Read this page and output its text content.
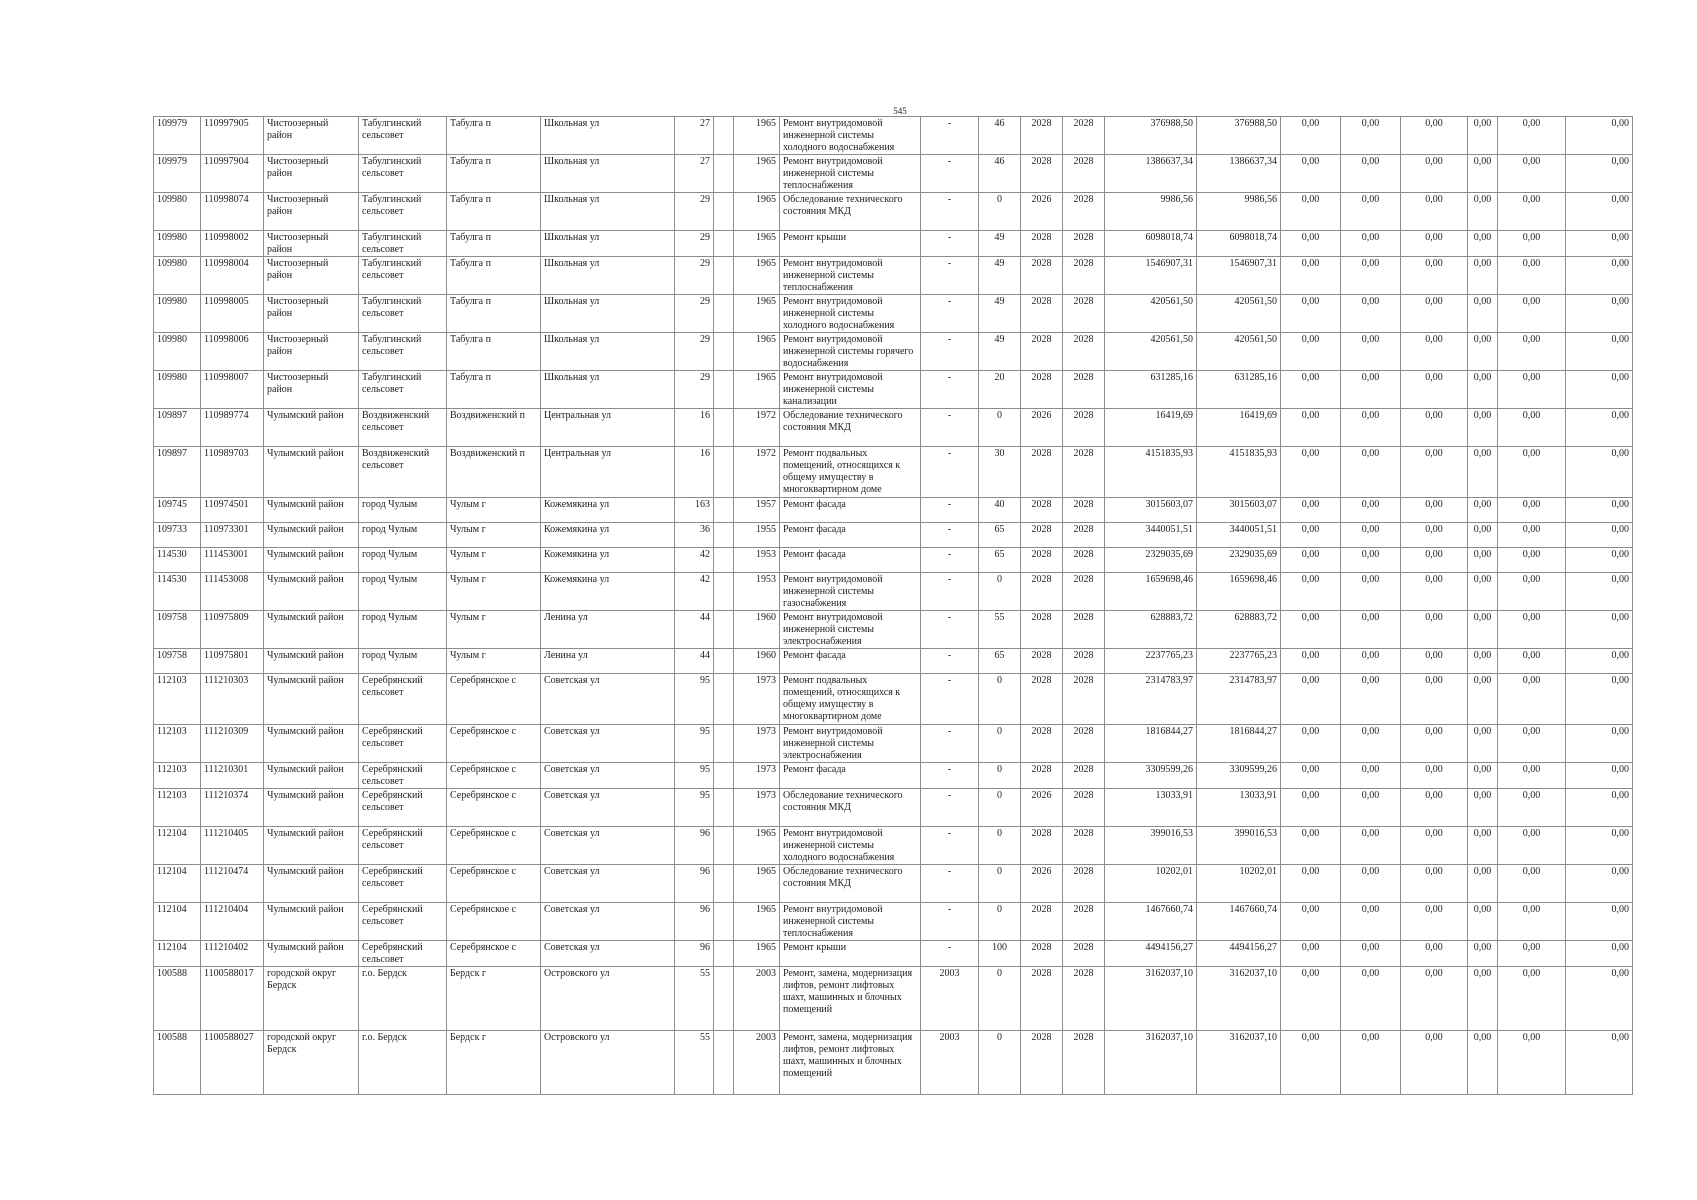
545
109979	110997905	Чистоозерный район	Табулгинский сельсовет	Табулга п	Школьная ул	27		1965	Ремонт внутридомовой инженерной системы холодного водоснабжения	-	46	2028	2028	376988,50	376988,50	0,00	0,00	0,00	0,00	0,00	0,00
109979	110997904	Чистоозерный район	Табулгинский сельсовет	Табулга п	Школьная ул	27		1965	Ремонт внутридомовой инженерной системы теплоснабжения	-	46	2028	2028	1386637,34	1386637,34	0,00	0,00	0,00	0,00	0,00	0,00
109980	110998074	Чистоозерный район	Табулгинский сельсовет	Табулга п	Школьная ул	29		1965	Обследование технического состояния МКД	-	0	2026	2028	9986,56	9986,56	0,00	0,00	0,00	0,00	0,00	0,00
109980	110998002	Чистоозерный район	Табулгинский сельсовет	Табулга п	Школьная ул	29		1965	Ремонт крыши	-	49	2028	2028	6098018,74	6098018,74	0,00	0,00	0,00	0,00	0,00	0,00
109980	110998004	Чистоозерный район	Табулгинский сельсовет	Табулга п	Школьная ул	29		1965	Ремонт внутридомовой инженерной системы теплоснабжения	-	49	2028	2028	1546907,31	1546907,31	0,00	0,00	0,00	0,00	0,00	0,00
109980	110998005	Чистоозерный район	Табулгинский сельсовет	Табулга п	Школьная ул	29		1965	Ремонт внутридомовой инженерной системы холодного водоснабжения	-	49	2028	2028	420561,50	420561,50	0,00	0,00	0,00	0,00	0,00	0,00
109980	110998006	Чистоозерный район	Табулгинский сельсовет	Табулга п	Школьная ул	29		1965	Ремонт внутридомовой инженерной системы горячего водоснабжения	-	49	2028	2028	420561,50	420561,50	0,00	0,00	0,00	0,00	0,00	0,00
109980	110998007	Чистоозерный район	Табулгинский сельсовет	Табулга п	Школьная ул	29		1965	Ремонт внутридомовой инженерной системы канализации	-	20	2028	2028	631285,16	631285,16	0,00	0,00	0,00	0,00	0,00	0,00
109897	110989774	Чулымский район	Воздвиженский сельсовет	Воздвиженский п	Центральная ул	16		1972	Обследование технического состояния МКД	-	0	2026	2028	16419,69	16419,69	0,00	0,00	0,00	0,00	0,00	0,00
109897	110989703	Чулымский район	Воздвиженский сельсовет	Воздвиженский п	Центральная ул	16		1972	Ремонт подвальных помещений, относящихся к общему имуществу в многоквартирном доме	-	30	2028	2028	4151835,93	4151835,93	0,00	0,00	0,00	0,00	0,00	0,00
109745	110974501	Чулымский район	город Чулым	Чулым г	Кожемякина ул	163		1957	Ремонт фасада	-	40	2028	2028	3015603,07	3015603,07	0,00	0,00	0,00	0,00	0,00	0,00
109733	110973301	Чулымский район	город Чулым	Чулым г	Кожемякина ул	36		1955	Ремонт фасада	-	65	2028	2028	3440051,51	3440051,51	0,00	0,00	0,00	0,00	0,00	0,00
114530	111453001	Чулымский район	город Чулым	Чулым г	Кожемякина ул	42		1953	Ремонт фасада	-	65	2028	2028	2329035,69	2329035,69	0,00	0,00	0,00	0,00	0,00	0,00
114530	111453008	Чулымский район	город Чулым	Чулым г	Кожемякина ул	42		1953	Ремонт внутридомовой инженерной системы газоснабжения	-	0	2028	2028	1659698,46	1659698,46	0,00	0,00	0,00	0,00	0,00	0,00
109758	110975809	Чулымский район	город Чулым	Чулым г	Ленина ул	44		1960	Ремонт внутридомовой инженерной системы электроснабжения	-	55	2028	2028	628883,72	628883,72	0,00	0,00	0,00	0,00	0,00	0,00
109758	110975801	Чулымский район	город Чулым	Чулым г	Ленина ул	44		1960	Ремонт фасада	-	65	2028	2028	2237765,23	2237765,23	0,00	0,00	0,00	0,00	0,00	0,00
112103	111210303	Чулымский район	Серебрянский сельсовет	Серебрянское с	Советская ул	95		1973	Ремонт подвальных помещений, относящихся к общему имуществу в многоквартирном доме	-	0	2028	2028	2314783,97	2314783,97	0,00	0,00	0,00	0,00	0,00	0,00
112103	111210309	Чулымский район	Серебрянский сельсовет	Серебрянское с	Советская ул	95		1973	Ремонт внутридомовой инженерной системы электроснабжения	-	0	2028	2028	1816844,27	1816844,27	0,00	0,00	0,00	0,00	0,00	0,00
112103	111210301	Чулымский район	Серебрянский сельсовет	Серебрянское с	Советская ул	95		1973	Ремонт фасада	-	0	2028	2028	3309599,26	3309599,26	0,00	0,00	0,00	0,00	0,00	0,00
112103	111210374	Чулымский район	Серебрянский сельсовет	Серебрянское с	Советская ул	95		1973	Обследование технического состояния МКД	-	0	2026	2028	13033,91	13033,91	0,00	0,00	0,00	0,00	0,00	0,00
112104	111210405	Чулымский район	Серебрянский сельсовет	Серебрянское с	Советская ул	96		1965	Ремонт внутридомовой инженерной системы холодного водоснабжения	-	0	2028	2028	399016,53	399016,53	0,00	0,00	0,00	0,00	0,00	0,00
112104	111210474	Чулымский район	Серебрянский сельсовет	Серебрянское с	Советская ул	96		1965	Обследование технического состояния МКД	-	0	2026	2028	10202,01	10202,01	0,00	0,00	0,00	0,00	0,00	0,00
112104	111210404	Чулымский район	Серебрянский сельсовет	Серебрянское с	Советская ул	96		1965	Ремонт внутридомовой инженерной системы теплоснабжения	-	0	2028	2028	1467660,74	1467660,74	0,00	0,00	0,00	0,00	0,00	0,00
112104	111210402	Чулымский район	Серебрянский сельсовет	Серебрянское с	Советская ул	96		1965	Ремонт крыши	-	100	2028	2028	4494156,27	4494156,27	0,00	0,00	0,00	0,00	0,00	0,00
100588	1100588017	городской округ Бердск	г.о. Бердск	Бердск г	Островского ул	55		2003	Ремонт, замена, модернизация лифтов, ремонт лифтовых шахт, машинных и блочных помещений	2003	0	2028	2028	3162037,10	3162037,10	0,00	0,00	0,00	0,00	0,00	0,00
100588	1100588027	городской округ Бердск	г.о. Бердск	Бердск г	Островского ул	55		2003	Ремонт, замена, модернизация лифтов, ремонт лифтовых шахт, машинных и блочных помещений	2003	0	2028	2028	3162037,10	3162037,10	0,00	0,00	0,00	0,00	0,00	0,00
